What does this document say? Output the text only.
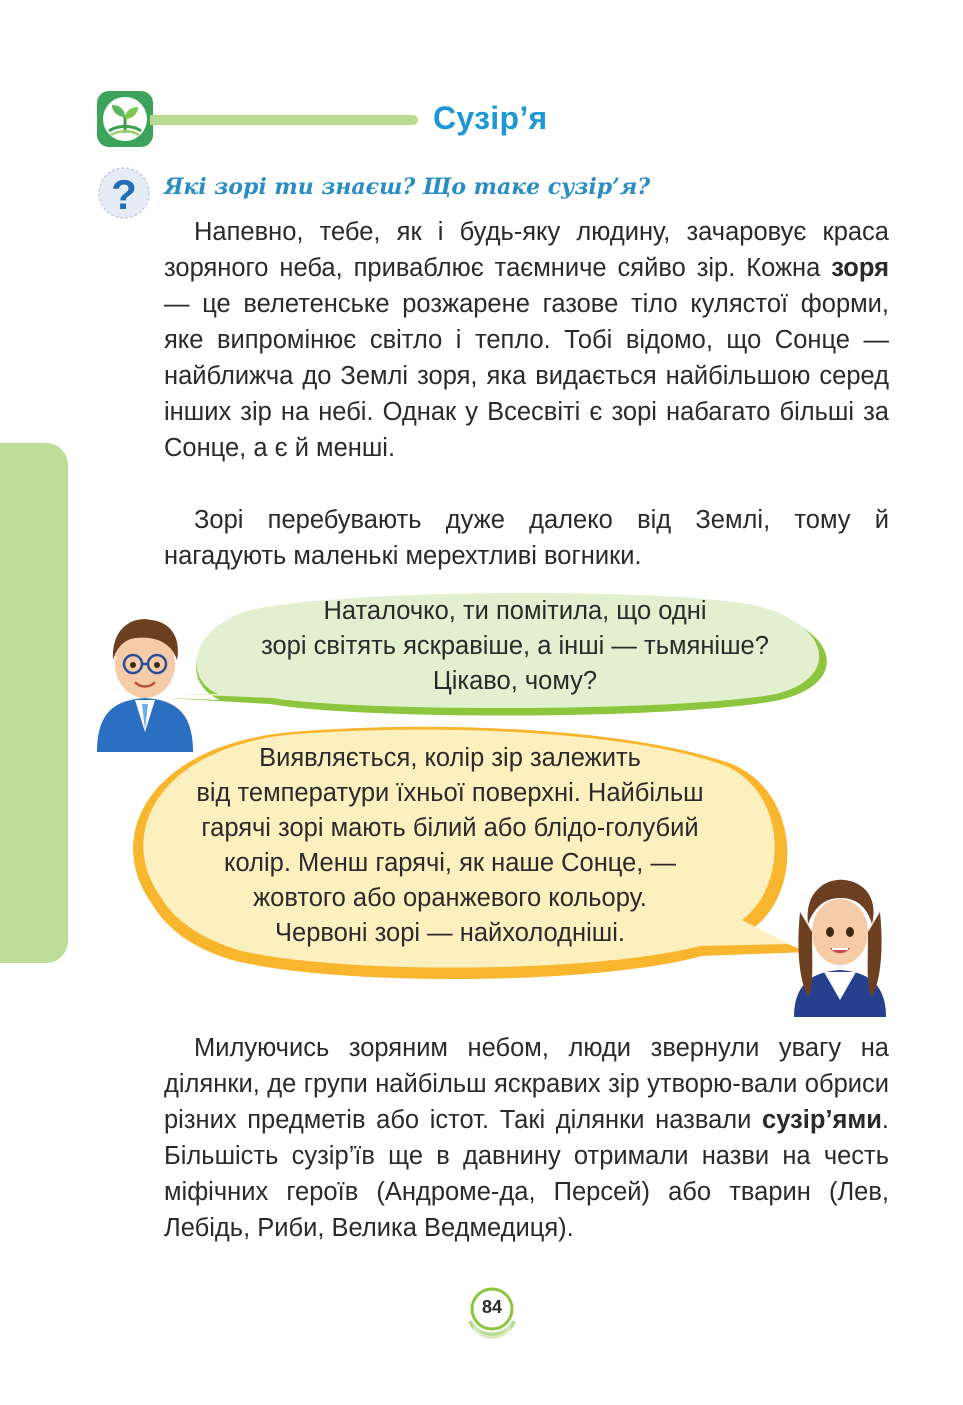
Сузір’я
? Які зорі ти знаєш? Що таке сузір’я?

Напевно, тебе, як і будь-яку людину, зачаровує краса зоряного неба, приваблює таємниче сяйво зір. Кожна зоря — це велетенське розжарене газове тіло кулястої форми, яке випромінює світло і тепло. Тобі відомо, що Сонце — найближча до Землі зоря, яка видається найбільшою серед інших зір на небі. Однак у Всесвіті є зорі набагато більші за Сонце, а є й менші.

Зорі перебувають дуже далеко від Землі, тому й нагадують маленькі мерехтливі вогники.

Наталочко, ти помітила, що одні
зорі світять яскравіше, а інші — тьмяніше?
Цікаво, чому?
Виявляється, колір зір залежить
від температури їхньої поверхні. Найбільш
гарячі зорі мають білий або блідо-голубий
колір. Менш гарячі, як наше Сонце, —
жовтого або оранжевого кольору.
Червоні зорі — найхолодніші.

Милуючись зоряним небом, люди звернули увагу на ділянки, де групи найбільш яскравих зір утворю-вали обриси різних предметів або істот. Такі ділянки назвали сузір’ями. Більшість сузір’їв ще в давнину отримали назви на честь міфічних героїв (Андроме-да, Персей) або тварин (Лев, Лебідь, Риби, Велика Ведмедиця).

84
